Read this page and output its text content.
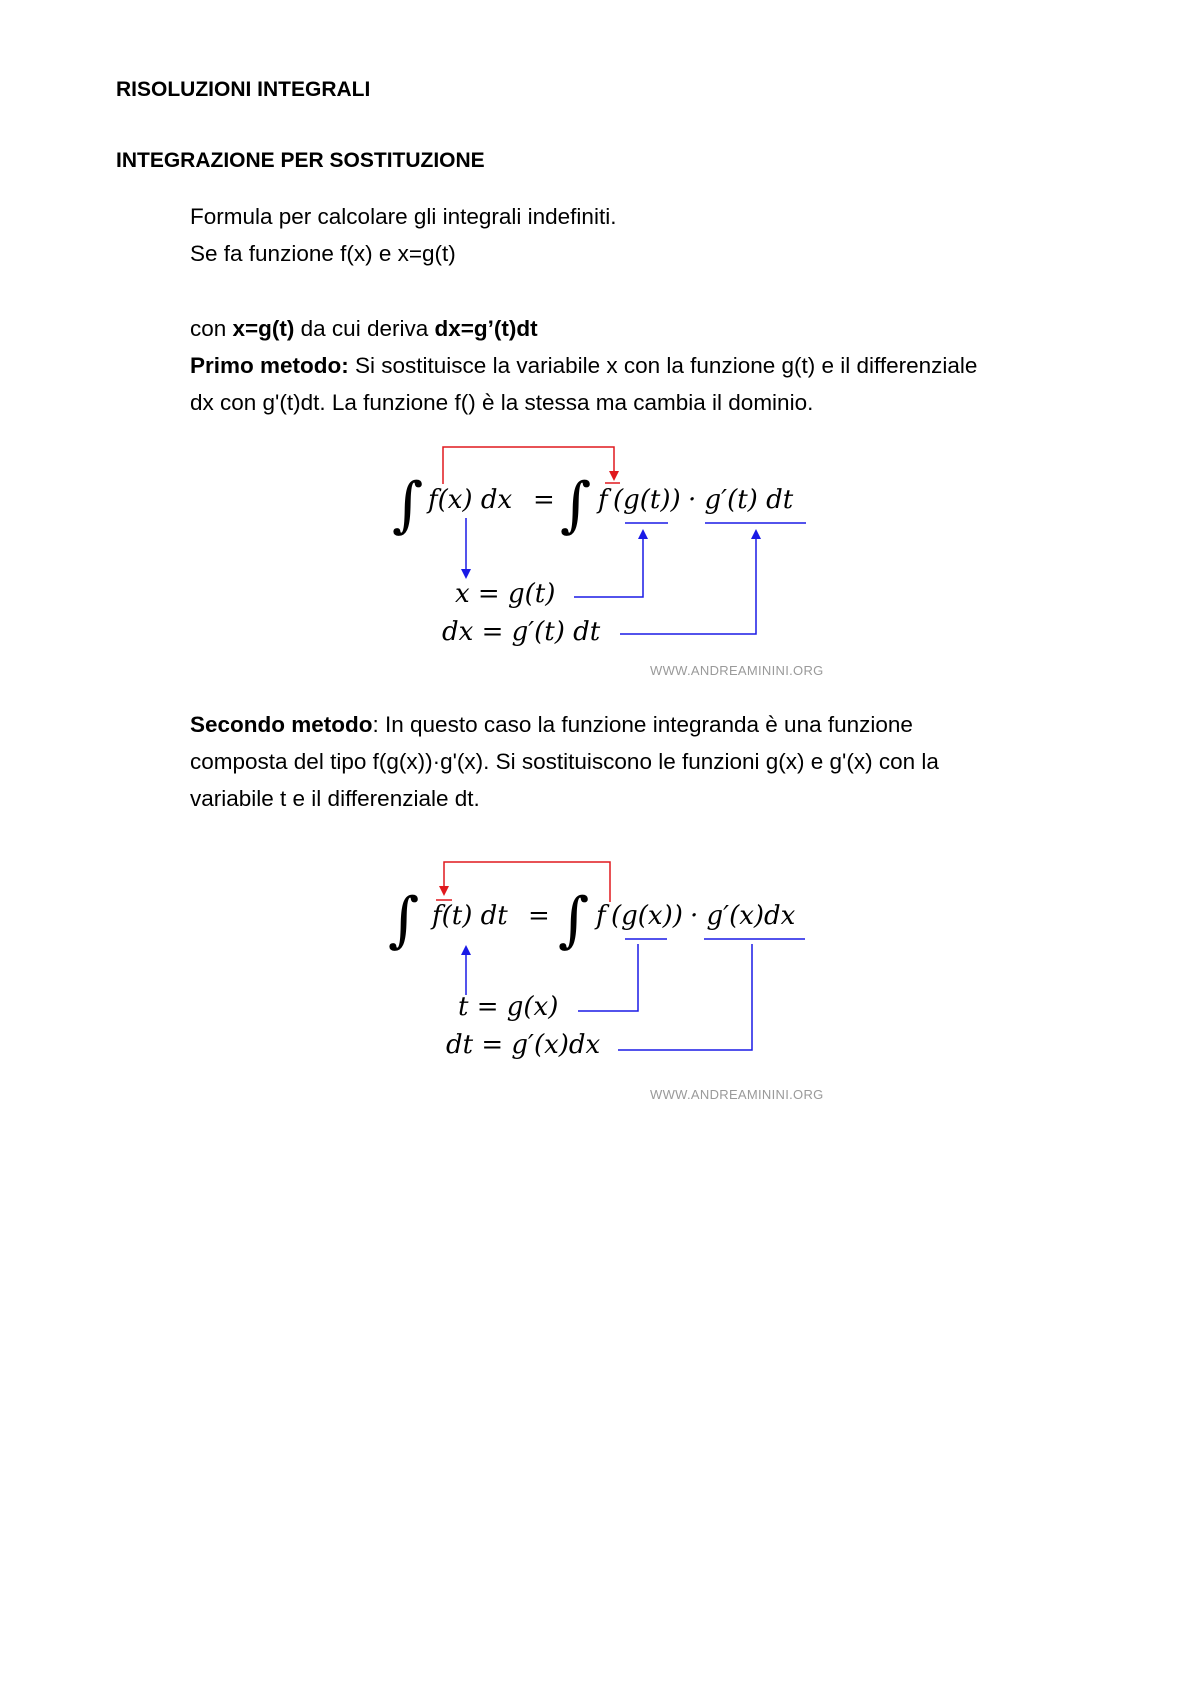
RISOLUZIONI INTEGRALI
INTEGRAZIONE PER SOSTITUZIONE
Formula per calcolare gli integrali indefiniti.
Se fa funzione f(x) e x=g(t)
con x=g(t) da cui deriva dx=g’(t)dt
Primo metodo: Si sostituisce la variabile x con la funzione g(t) e il differenziale
dx con g'(t)dt. La funzione f() è la stessa ma cambia il dominio.
Secondo metodo: In questo caso la funzione integranda è una funzione
composta del tipo f(g(x))·g'(x). Si sostituiscono le funzioni g(x) e g'(x) con la
variabile t e il differenziale dt.
∫ f(x) dx = ∫ f (g(t)) · g′(t) dt
x = g(t)
dx = g′(t) dt
WWW.ANDREAMININI.ORG
∫ f(t) dt = ∫ f (g(x)) · g′(x)dx
t = g(x)
dt = g′(x)dx
WWW.ANDREAMININI.ORG
